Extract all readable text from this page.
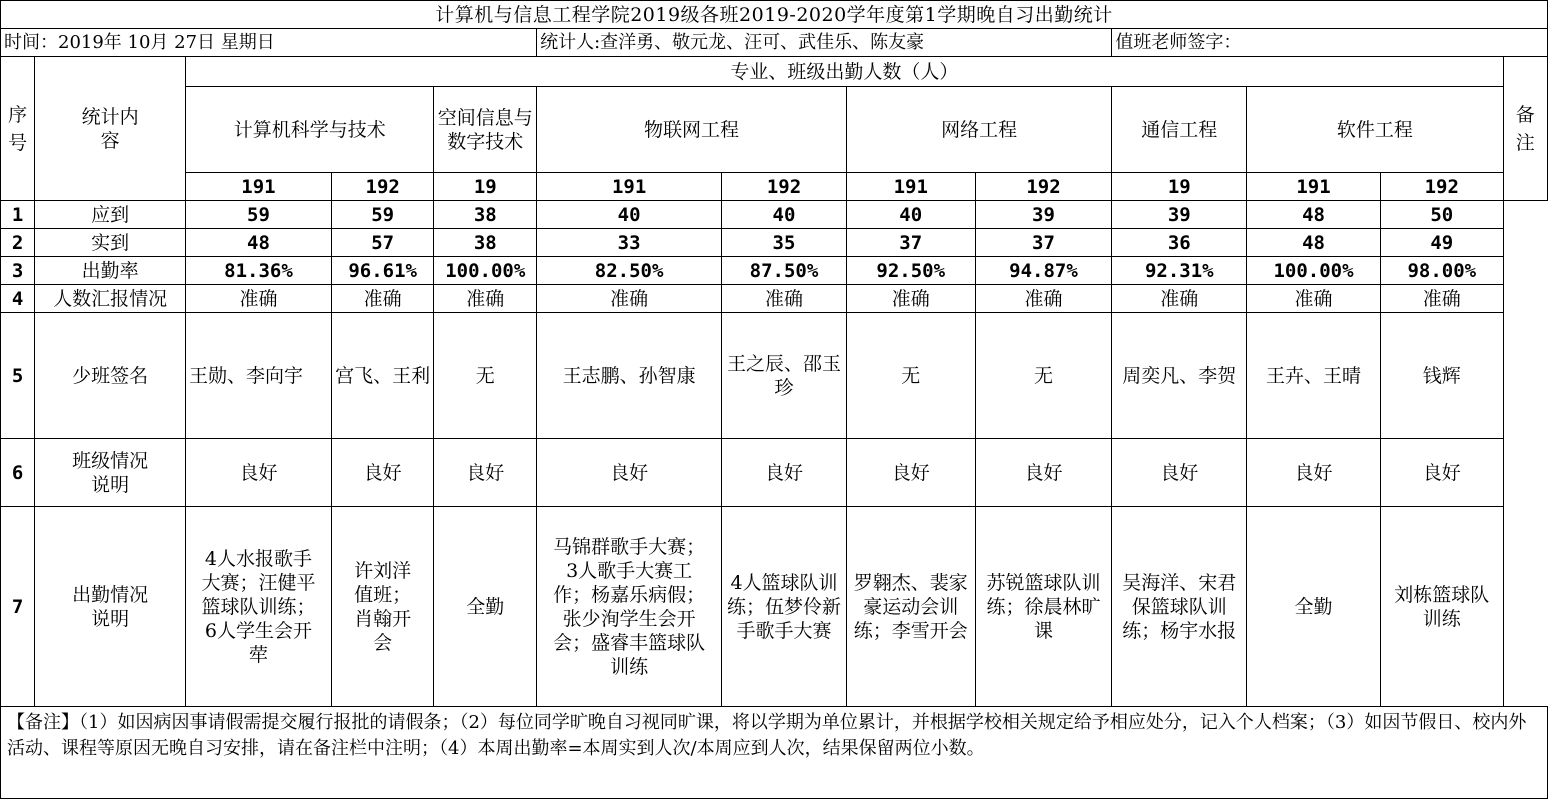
计算机与信息工程学院2019级各班2019-2020学年度第1学期晚自习出勤统计												
时间：2019年 10月 27日 星期日					统计人:查洋勇、敬元龙、汪可、武佳乐、陈友豪				值班老师签字：			
序号	统计内容	专业、班级出勤人数（人）										备注
		计算机科学与技术		空间信息与数字技术	物联网工程		网络工程		通信工程	软件工程		
		191	192	19	191	192	191	192	19	191	192	
1	应到	59	59	38	40	40	40	39	39	48	50	
2	实到	48	57	38	33	35	37	37	36	48	49	
3	出勤率	81.36%	96.61%	100.00%	82.50%	87.50%	92.50%	94.87%	92.31%	100.00%	98.00%	
4	人数汇报情况	准确	准确	准确	准确	准确	准确	准确	准确	准确	准确	
5	少班签名	王勋、李向宇	宫飞、王利	无	王志鹏、孙智康	王之辰、邵玉珍	无	无	周奕凡、李贺	王卉、王晴	钱辉	
6	班级情况说明	良好	良好	良好	良好	良好	良好	良好	良好	良好	良好	
7	出勤情况说明	4人水报歌手大赛；汪健平篮球队训练；6人学生会开荦	许刘洋值班；肖翰开会	全勤	马锦群歌手大赛；3人歌手大赛工作；杨嘉乐病假；张少洵学生会开会；盛睿丰篮球队训练	4人篮球队训练；伍梦伶新手歌手大赛	罗翱杰、裴家豪运动会训练；李雪开会	苏锐篮球队训练；徐晨林旷课	吴海洋、宋君保篮球队训练；杨宇水报	全勤	刘栋篮球队训练	
【备注】（1）如因病因事请假需提交履行报批的请假条；（2）每位同学旷晚自习视同旷课，将以学期为单位累计，并根据学校相关规定给予相应处分，记入个人档案；（3）如因节假日、校内外活动、课程等原因无晚自习安排，请在备注栏中注明；（4）本周出勤率=本周实到人次/本周应到人次，结果保留两位小数。												
